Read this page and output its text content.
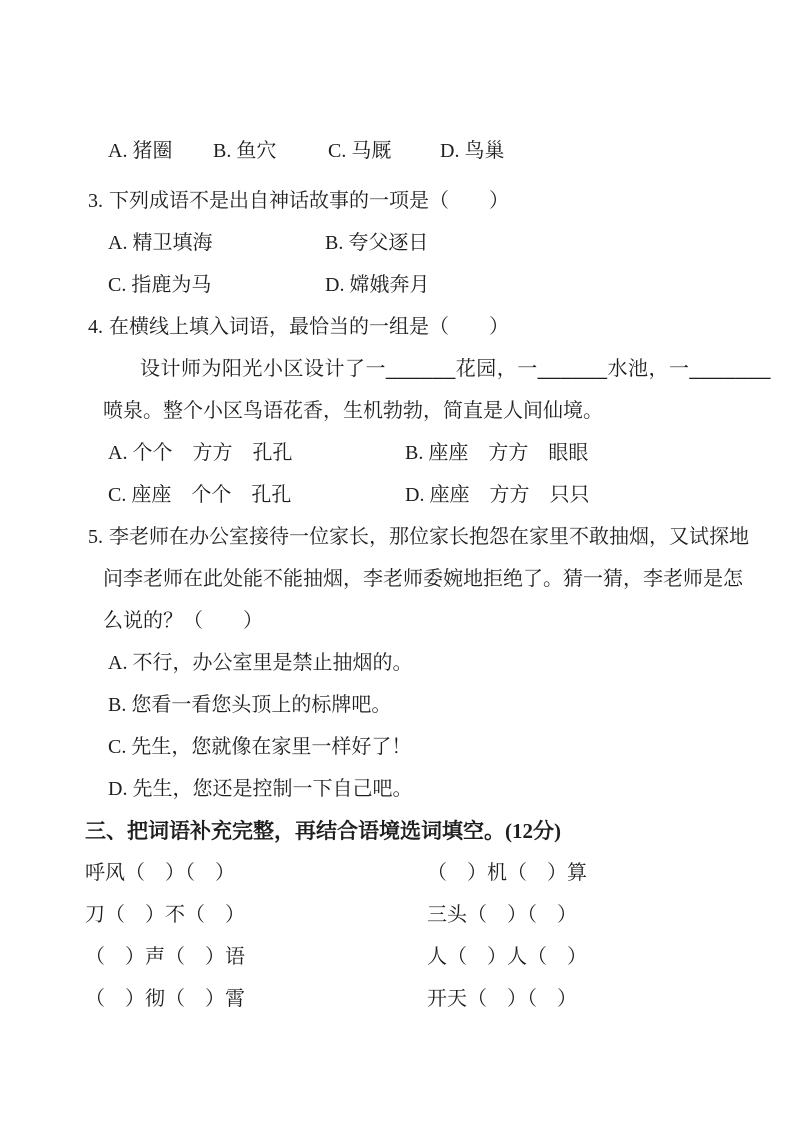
A. 猪圈	B. 鱼穴	C. 马厩	D. 鸟巢
3. 下列成语不是出自神话故事的一项是（　　）
A. 精卫填海	B. 夸父逐日
C. 指鹿为马	D. 嫦娥奔月
4. 在横线上填入词语，最恰当的一组是（　　）
设计师为阳光小区设计了一______花园，一______水池，一_______
喷泉。整个小区鸟语花香，生机勃勃，简直是人间仙境。
A. 个个　方方　孔孔	B. 座座　方方　眼眼
C. 座座　个个　孔孔	D. 座座　方方　只只
5. 李老师在办公室接待一位家长，那位家长抱怨在家里不敢抽烟，又试探地
问李老师在此处能不能抽烟，李老师委婉地拒绝了。猜一猜，李老师是怎
么说的？（　　）
A. 不行，办公室里是禁止抽烟的。
B. 您看一看您头顶上的标牌吧。
C. 先生，您就像在家里一样好了！
D. 先生，您还是控制一下自己吧。
三、把词语补充完整，再结合语境选词填空。(12分)
呼风（　）（　）	（　）机（　）算
刀（　）不（　）	三头（　）（　）
（　）声（　）语	人（　）人（　）
（　）彻（　）霄	开天（　）（　）
